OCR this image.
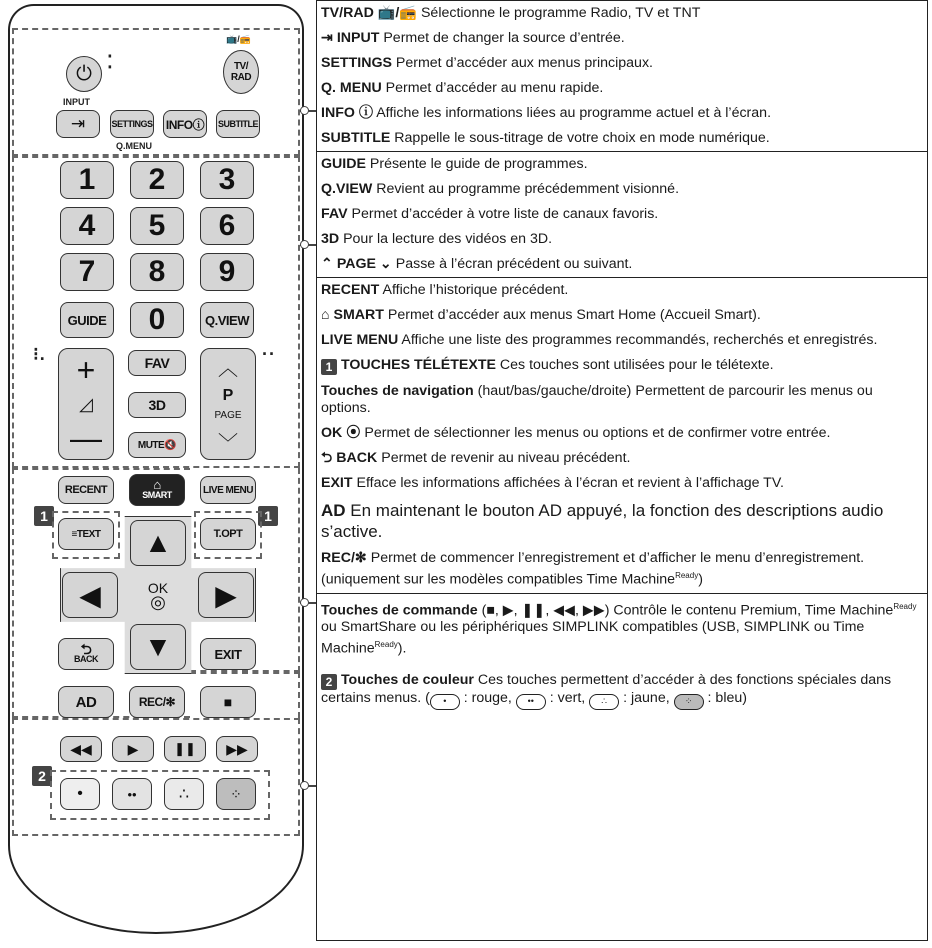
⏻
⁚
📺/📻
TV/
RAD
INPUT
⇥	SETTINGS
Q.MENU
INFOⓘ	SUBTITLE
1	2	3
4	5	6
7	8	9
GUIDE	0	Q.VIEW
⁝. +
◿
—
FAV
3D
MUTE🔇
··
︿
P
PAGE
﹀
RECENT	⌂
SMART	LIVE MENU
1
≡TEXT
1
T.OPT
▲
◀	OK
◎	▶
▼
⮌
BACK	EXIT
AD	REC/✻	■
◀◀	▶	❚❚	▶▶
2
•	••	∴	⁘
TV/RAD 📺/📻 Sélectionne le programme Radio, TV et TNT
⇥ INPUT Permet de changer la source d’entrée.
SETTINGS Permet d’accéder aux menus principaux.
Q. MENU Permet d’accéder au menu rapide.
INFO ⓘ Affiche les informations liées au programme actuel et à l’écran.
SUBTITLE Rappelle le sous-titrage de votre choix en mode numérique.
GUIDE Présente le guide de programmes.
Q.VIEW Revient au programme précédemment visionné.
FAV Permet d’accéder à votre liste de canaux favoris.
3D Pour la lecture des vidéos en 3D.
⌃ PAGE ⌄ Passe à l’écran précédent ou suivant.
RECENT Affiche l’historique précédent.
⌂ SMART Permet d’accéder aux menus Smart Home (Accueil Smart).
LIVE MENU Affiche une liste des programmes recommandés, recherchés et enregistrés.
1 TOUCHES TÉLÉTEXTE Ces touches sont utilisées pour le télétexte.
Touches de navigation (haut/bas/gauche/droite) Permettent de parcourir les menus ou options.
OK ⦿ Permet de sélectionner les menus ou options et de confirmer votre entrée.
⮌ BACK Permet de revenir au niveau précédent.
EXIT Efface les informations affichées à l’écran et revient à l’affichage TV.
AD En maintenant le bouton AD appuyé, la fonction des descriptions audio s’active.
REC/✻ Permet de commencer l’enregistrement et d’afficher le menu d’enregistrement.(uniquement sur les modèles compatibles Time Machine$^{Ready}$)
Touches de commande (■, ▶, ❚❚, ◀◀, ▶▶) Contrôle le contenu Premium, Time Machine$^{Ready}$ ou SmartShare ou les périphériques SIMPLINK compatibles (USB, SIMPLINK ou Time Machine$^{Ready}$).
2 Touches de couleur Ces touches permettent d’accéder à des fonctions spéciales dans certains menus. ( • : rouge, •• : vert, ∴ : jaune, ⁘ : bleu)
